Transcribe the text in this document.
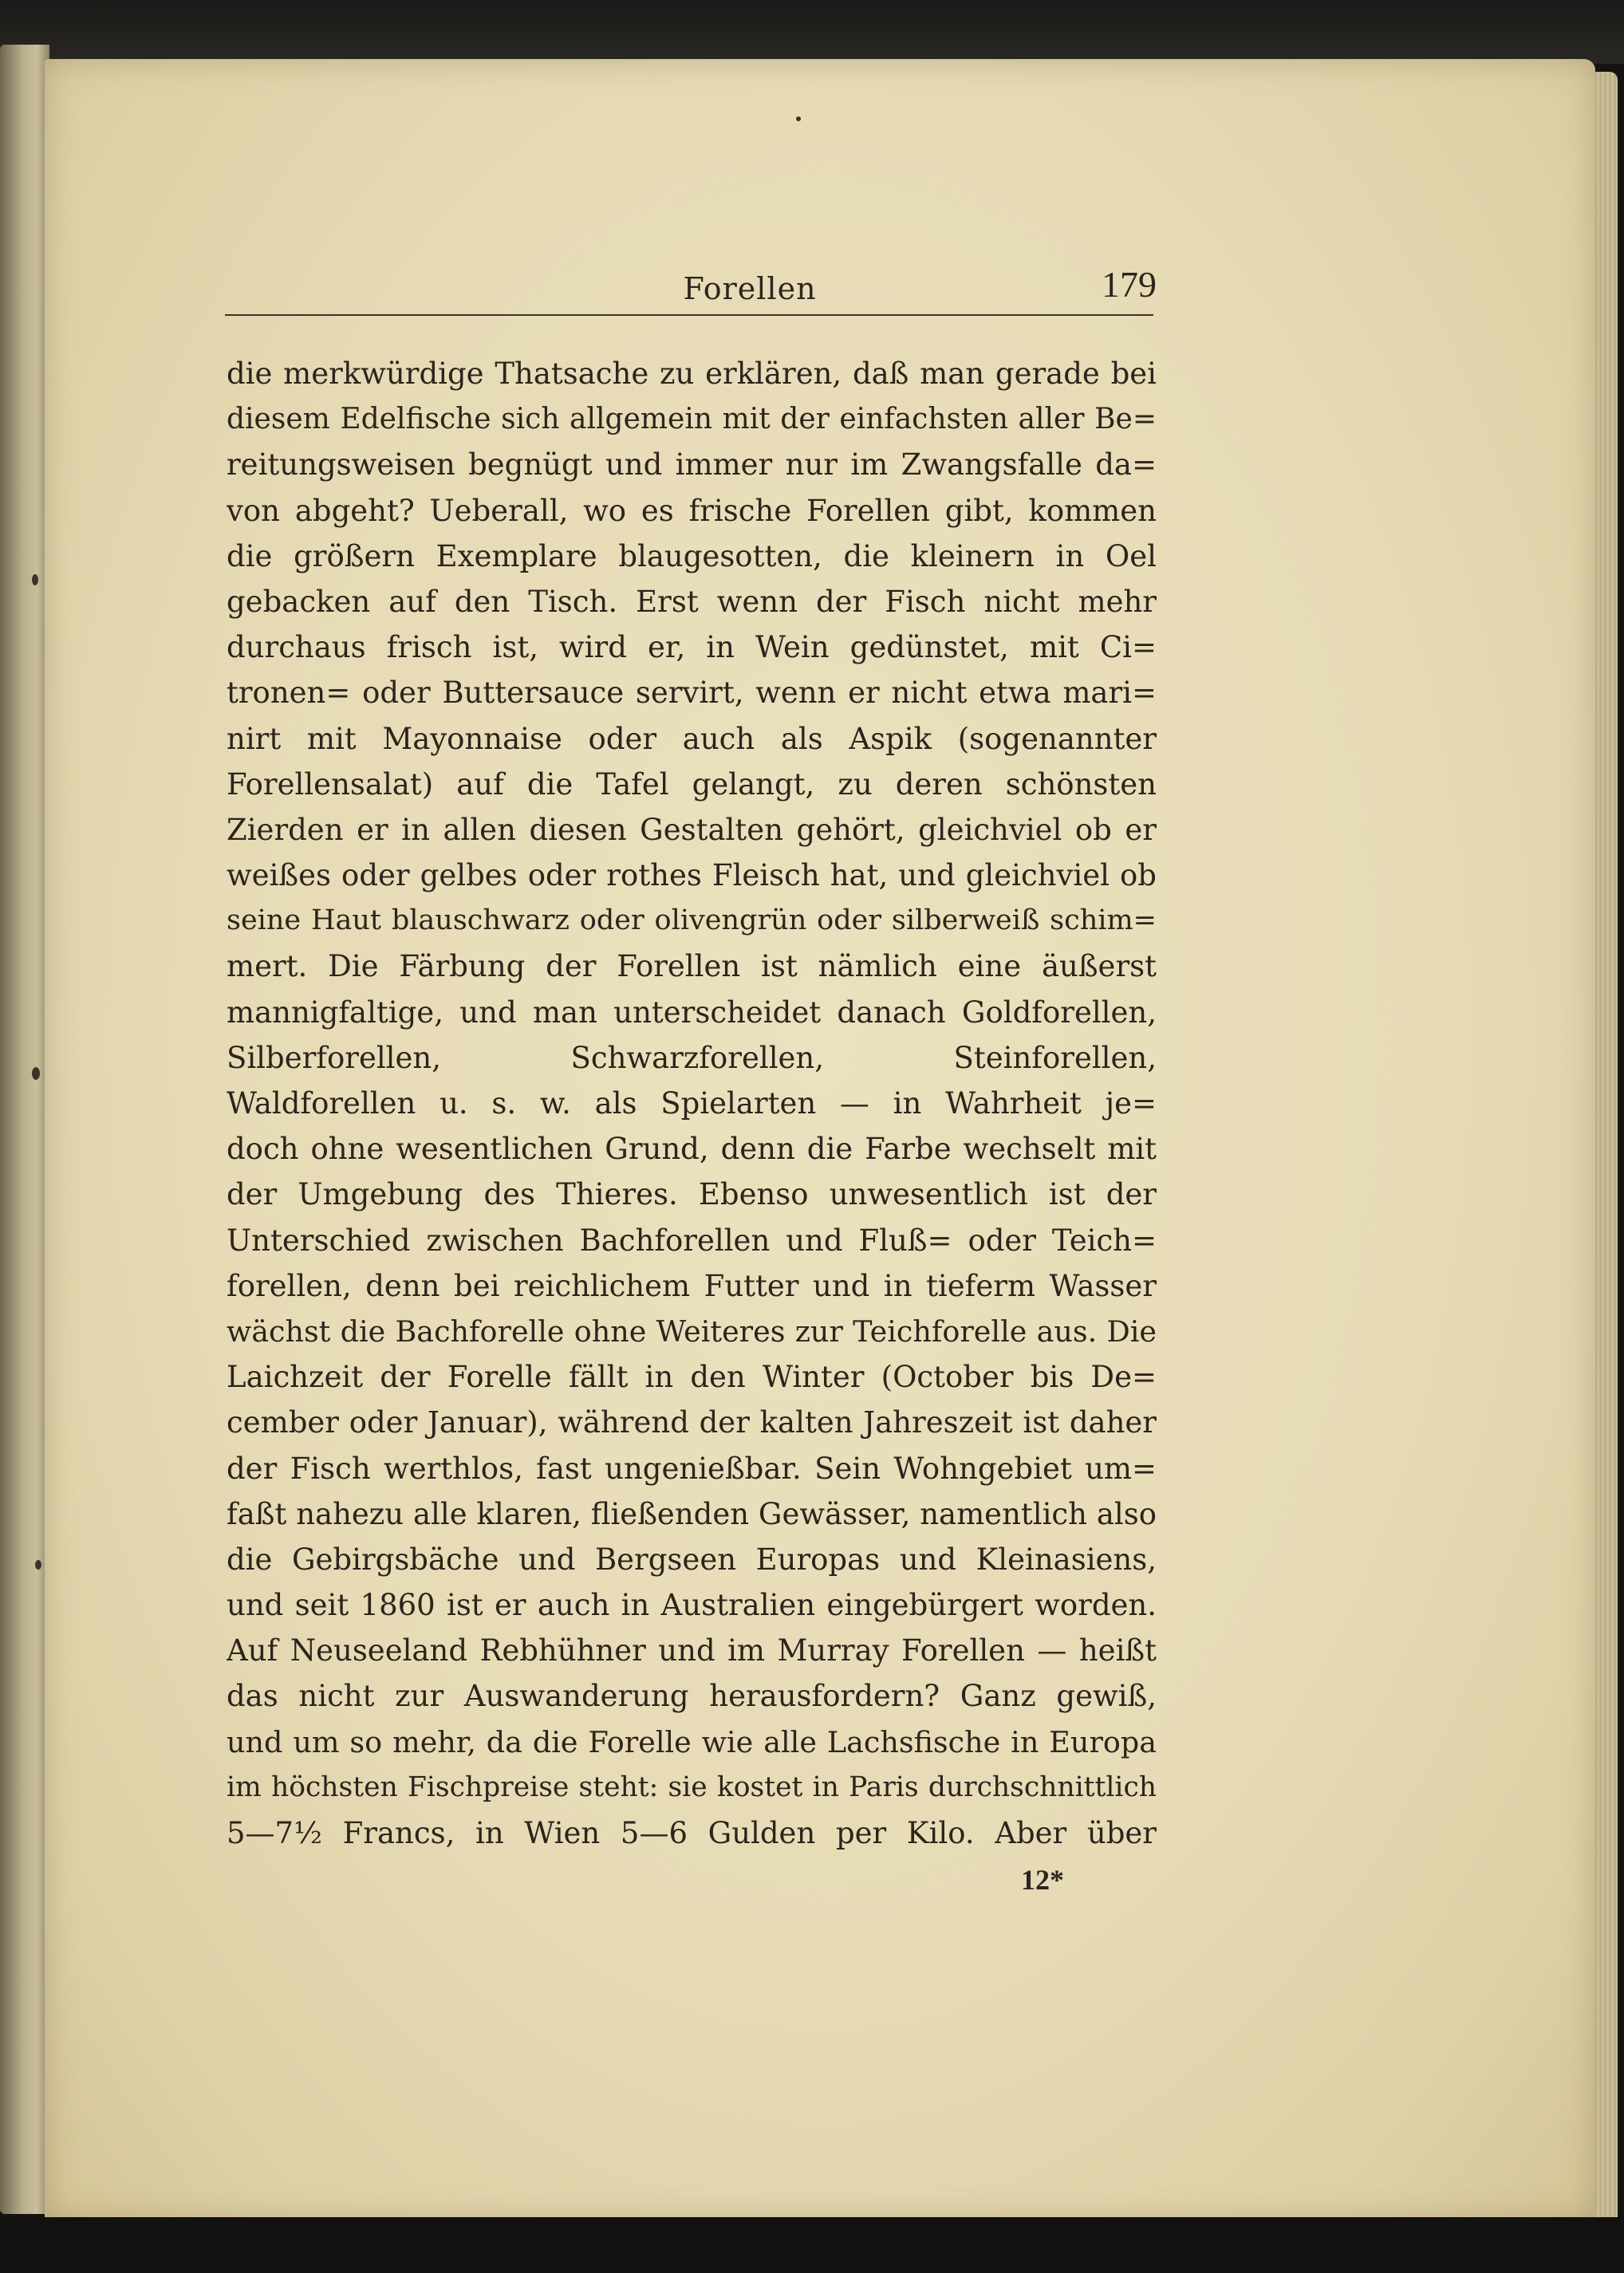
Forellen	179
die merkwürdige Thatsache zu erklären, daß man gerade bei
diesem Edelfische sich allgemein mit der einfachsten aller Be=
reitungsweisen begnügt und immer nur im Zwangsfalle da=
von abgeht? Ueberall, wo es frische Forellen gibt, kommen
die größern Exemplare blaugesotten, die kleinern in Oel
gebacken auf den Tisch. Erst wenn der Fisch nicht mehr
durchaus frisch ist, wird er, in Wein gedünstet, mit Ci=
tronen= oder Buttersauce servirt, wenn er nicht etwa mari=
nirt mit Mayonnaise oder auch als Aspik (sogenannter
Forellensalat) auf die Tafel gelangt, zu deren schönsten
Zierden er in allen diesen Gestalten gehört, gleichviel ob er
weißes oder gelbes oder rothes Fleisch hat, und gleichviel ob
seine Haut blauschwarz oder olivengrün oder silberweiß schim=
mert. Die Färbung der Forellen ist nämlich eine äußerst
mannigfaltige, und man unterscheidet danach Goldforellen,
Silberforellen, Schwarzforellen, Steinforellen,
Waldforellen u. s. w. als Spielarten — in Wahrheit je=
doch ohne wesentlichen Grund, denn die Farbe wechselt mit
der Umgebung des Thieres. Ebenso unwesentlich ist der
Unterschied zwischen Bachforellen und Fluß= oder Teich=
forellen, denn bei reichlichem Futter und in tieferm Wasser
wächst die Bachforelle ohne Weiteres zur Teichforelle aus. Die
Laichzeit der Forelle fällt in den Winter (October bis De=
cember oder Januar), während der kalten Jahreszeit ist daher
der Fisch werthlos, fast ungenießbar. Sein Wohngebiet um=
faßt nahezu alle klaren, fließenden Gewässer, namentlich also
die Gebirgsbäche und Bergseen Europas und Kleinasiens,
und seit 1860 ist er auch in Australien eingebürgert worden.
Auf Neuseeland Rebhühner und im Murray Forellen — heißt
das nicht zur Auswanderung herausfordern? Ganz gewiß,
und um so mehr, da die Forelle wie alle Lachsfische in Europa
im höchsten Fischpreise steht: sie kostet in Paris durchschnittlich
5—7½ Francs, in Wien 5—6 Gulden per Kilo. Aber über
12*
